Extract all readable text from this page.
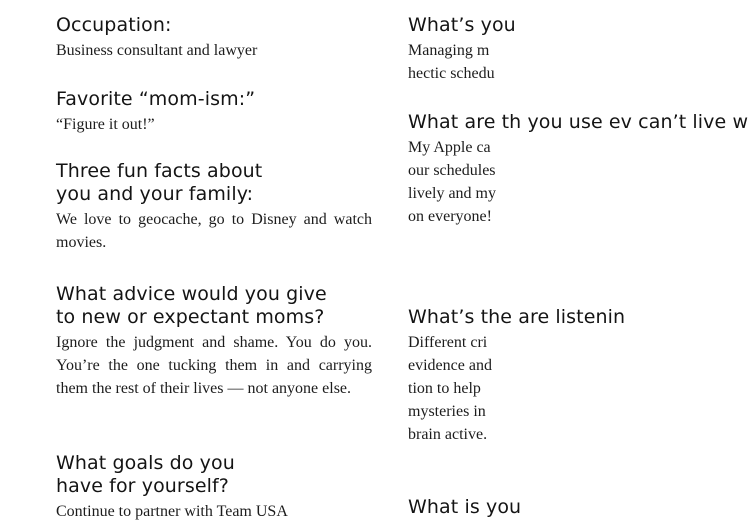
Occupation:

Business consultant and lawyer

Favorite “mom-ism:”

“Figure it out!”

Three fun facts about
you and your family:

We love to geocache, go to Disney and watch movies.

What advice would you give
to new or expectant moms?

Ignore the judgment and shame. You do you. You’re the one tucking them in and carrying them the rest of their lives — not anyone else.

What goals do you
have for yourself?

Continue to partner with Team USA

What’s you

Managing m
hectic schedu

What are th you use ev can’t live w

My Apple ca
our schedules
lively and my
on everyone!

What’s the are listenin

Different cri
evidence and
tion to help
mysteries in
brain active.

What is you
